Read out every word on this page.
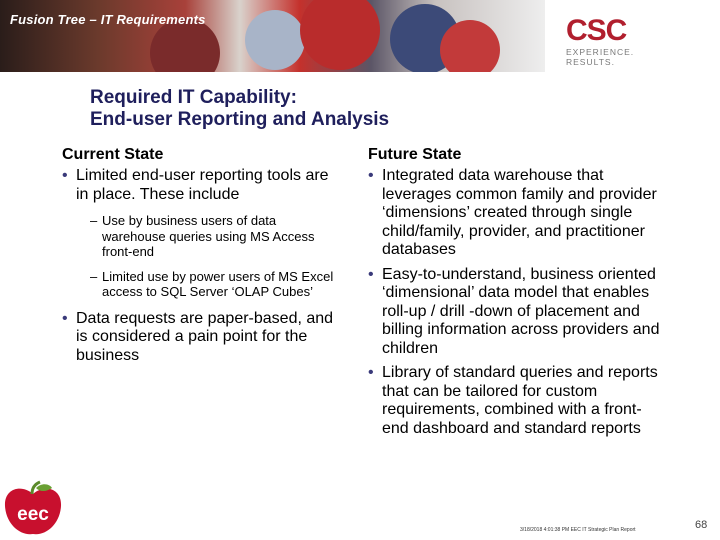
Fusion Tree – IT Requirements	CSC
EXPERIENCE. RESULTS.
Required IT Capability:
End-user Reporting and Analysis
Current State
• Limited end-user reporting tools are in place. These include
– Use by business users of data warehouse queries using MS Access front-end
– Limited use by power users of MS Excel access to SQL Server ‘OLAP Cubes’
• Data requests are paper-based, and is considered a pain point for the business
Future State
• Integrated data warehouse that leverages common family and provider ‘dimensions’ created through single child/family, provider, and practitioner databases
• Easy-to-understand, business oriented ‘dimensional’ data model that enables roll-up / drill -down of placement and billing information across providers and children
• Library of standard queries and reports that can be tailored for custom requirements, combined with a front-end dashboard and standard reports
eec
3/18/2018 4:01:38 PM EEC IT Strategic Plan Report	68
